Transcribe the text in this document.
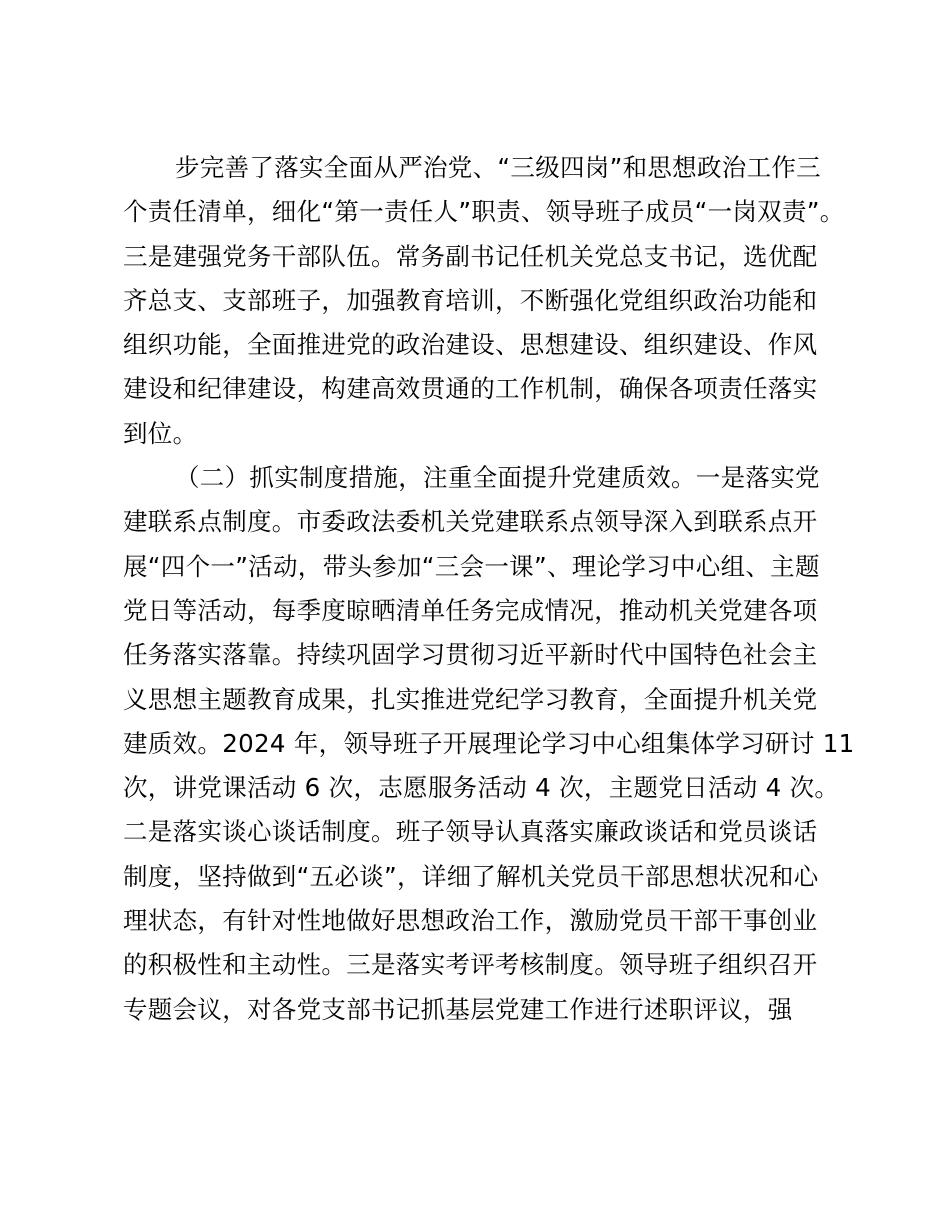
步完善了落实全面从严治党、“三级四岗”和思想政治工作三
个责任清单，细化“第一责任人”职责、领导班子成员“一岗双责”。
三是建强党务干部队伍。常务副书记任机关党总支书记，选优配
齐总支、支部班子，加强教育培训，不断强化党组织政治功能和
组织功能，全面推进党的政治建设、思想建设、组织建设、作风
建设和纪律建设，构建高效贯通的工作机制，确保各项责任落实
到位。
（二）抓实制度措施，注重全面提升党建质效。一是落实党
建联系点制度。市委政法委机关党建联系点领导深入到联系点开
展“四个一”活动，带头参加“三会一课”、理论学习中心组、主题
党日等活动，每季度晾晒清单任务完成情况，推动机关党建各项
任务落实落靠。持续巩固学习贯彻习近平新时代中国特色社会主
义思想主题教育成果，扎实推进党纪学习教育，全面提升机关党
建质效。2024 年，领导班子开展理论学习中心组集体学习研讨 11
次，讲党课活动 6 次，志愿服务活动 4 次，主题党日活动 4 次。
二是落实谈心谈话制度。班子领导认真落实廉政谈话和党员谈话
制度，坚持做到“五必谈”，详细了解机关党员干部思想状况和心
理状态，有针对性地做好思想政治工作，激励党员干部干事创业
的积极性和主动性。三是落实考评考核制度。领导班子组织召开
专题会议，对各党支部书记抓基层党建工作进行述职评议，强
